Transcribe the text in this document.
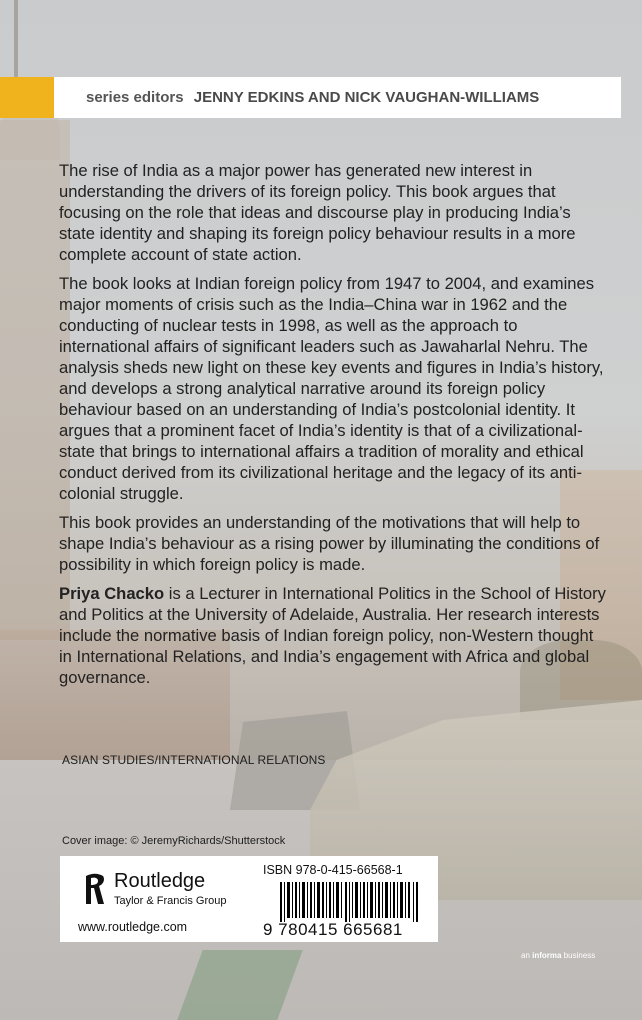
series editors JENNY EDKINS AND NICK VAUGHAN-WILLIAMS

The rise of India as a major power has generated new interest in understanding the drivers of its foreign policy. This book argues that focusing on the role that ideas and discourse play in producing India’s state identity and shaping its foreign policy behaviour results in a more complete account of state action.

The book looks at Indian foreign policy from 1947 to 2004, and examines major moments of crisis such as the India–China war in 1962 and the conducting of nuclear tests in 1998, as well as the approach to international affairs of significant leaders such as Jawaharlal Nehru. The analysis sheds new light on these key events and figures in India’s history, and develops a strong analytical narrative around its foreign policy behaviour based on an understanding of India’s postcolonial identity. It argues that a prominent facet of India’s identity is that of a civilizational-state that brings to international affairs a tradition of morality and ethical conduct derived from its civilizational heritage and the legacy of its anti-colonial struggle.

This book provides an understanding of the motivations that will help to shape India’s behaviour as a rising power by illuminating the conditions of possibility in which foreign policy is made.

Priya Chacko is a Lecturer in International Politics in the School of History and Politics at the University of Adelaide, Australia. Her research interests include the normative basis of Indian foreign policy, non-Western thought in International Relations, and India’s engagement with Africa and global governance.

ASIAN STUDIES/INTERNATIONAL RELATIONS
Cover image: © JeremyRichards/Shutterstock
Routledge
Taylor & Francis Group
www.routledge.com
ISBN 978-0-415-66568-1
9 780415 665681
an informa business
